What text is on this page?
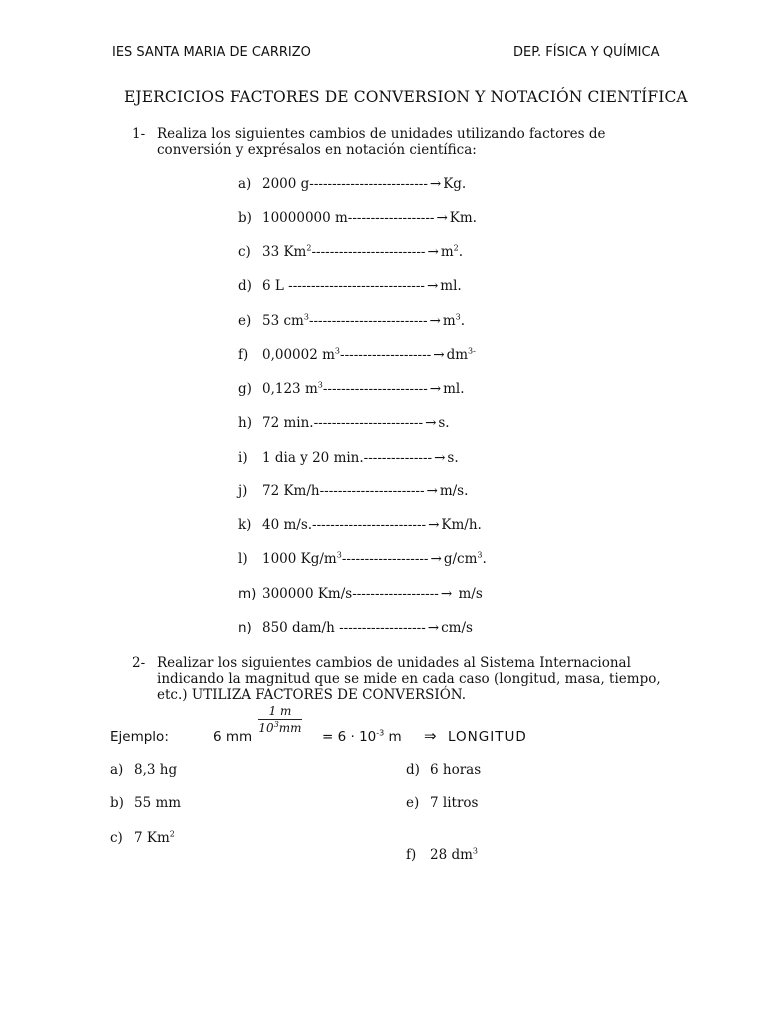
IES SANTA MARIA DE CARRIZO	DEP. FÍSICA Y QUÍMICA
EJERCICIOS FACTORES DE CONVERSION Y NOTACIÓN CIENTÍFICA
1- Realiza los siguientes cambios de unidades utilizando factores de
conversión y exprésalos en notación científica:
a) 2000 g-------------------------- → Kg.
b) 10000000 m------------------- → Km.
c) 33 $Km^2------------------------- \to m^2$.
d) 6 L ------------------------------ → ml.
e) 53 $cm^3-------------------------- \to m^3$.
f) 0,00002 $m^3-------------------- \to dm^{3-}$
g) 0,123 $m^3-----------------------$ → ml.
h) 72 min.------------------------ → s.
i) 1 dia y 20 min.--------------- → s.
j) 72 Km/h----------------------- → m/s.
k) 40 m/s.------------------------- → Km/h.
l) 1000 $Kg/m^3------------------- \to g/cm^3$.
m) 300000 Km/s------------------- → m/s
n) 850 dam/h ------------------- → cm/s
2- Realizar los siguientes cambios de unidades al Sistema Internacional
indicando la magnitud que se mide en cada caso (longitud, masa, tiempo,
etc.) UTILIZA FACTORES DE CONVERSIÓN.
Ejemplo:	6 mm
$\frac{1 m}{10^3mm}$
= $6 \cdot 10^{-3}$ m ⇒ LONGITUD
a) 8,3 hg
b) 55 mm
c) 7 Km$^2$
d) 6 horas
e) 7 litros
f) 28 $dm^3$
